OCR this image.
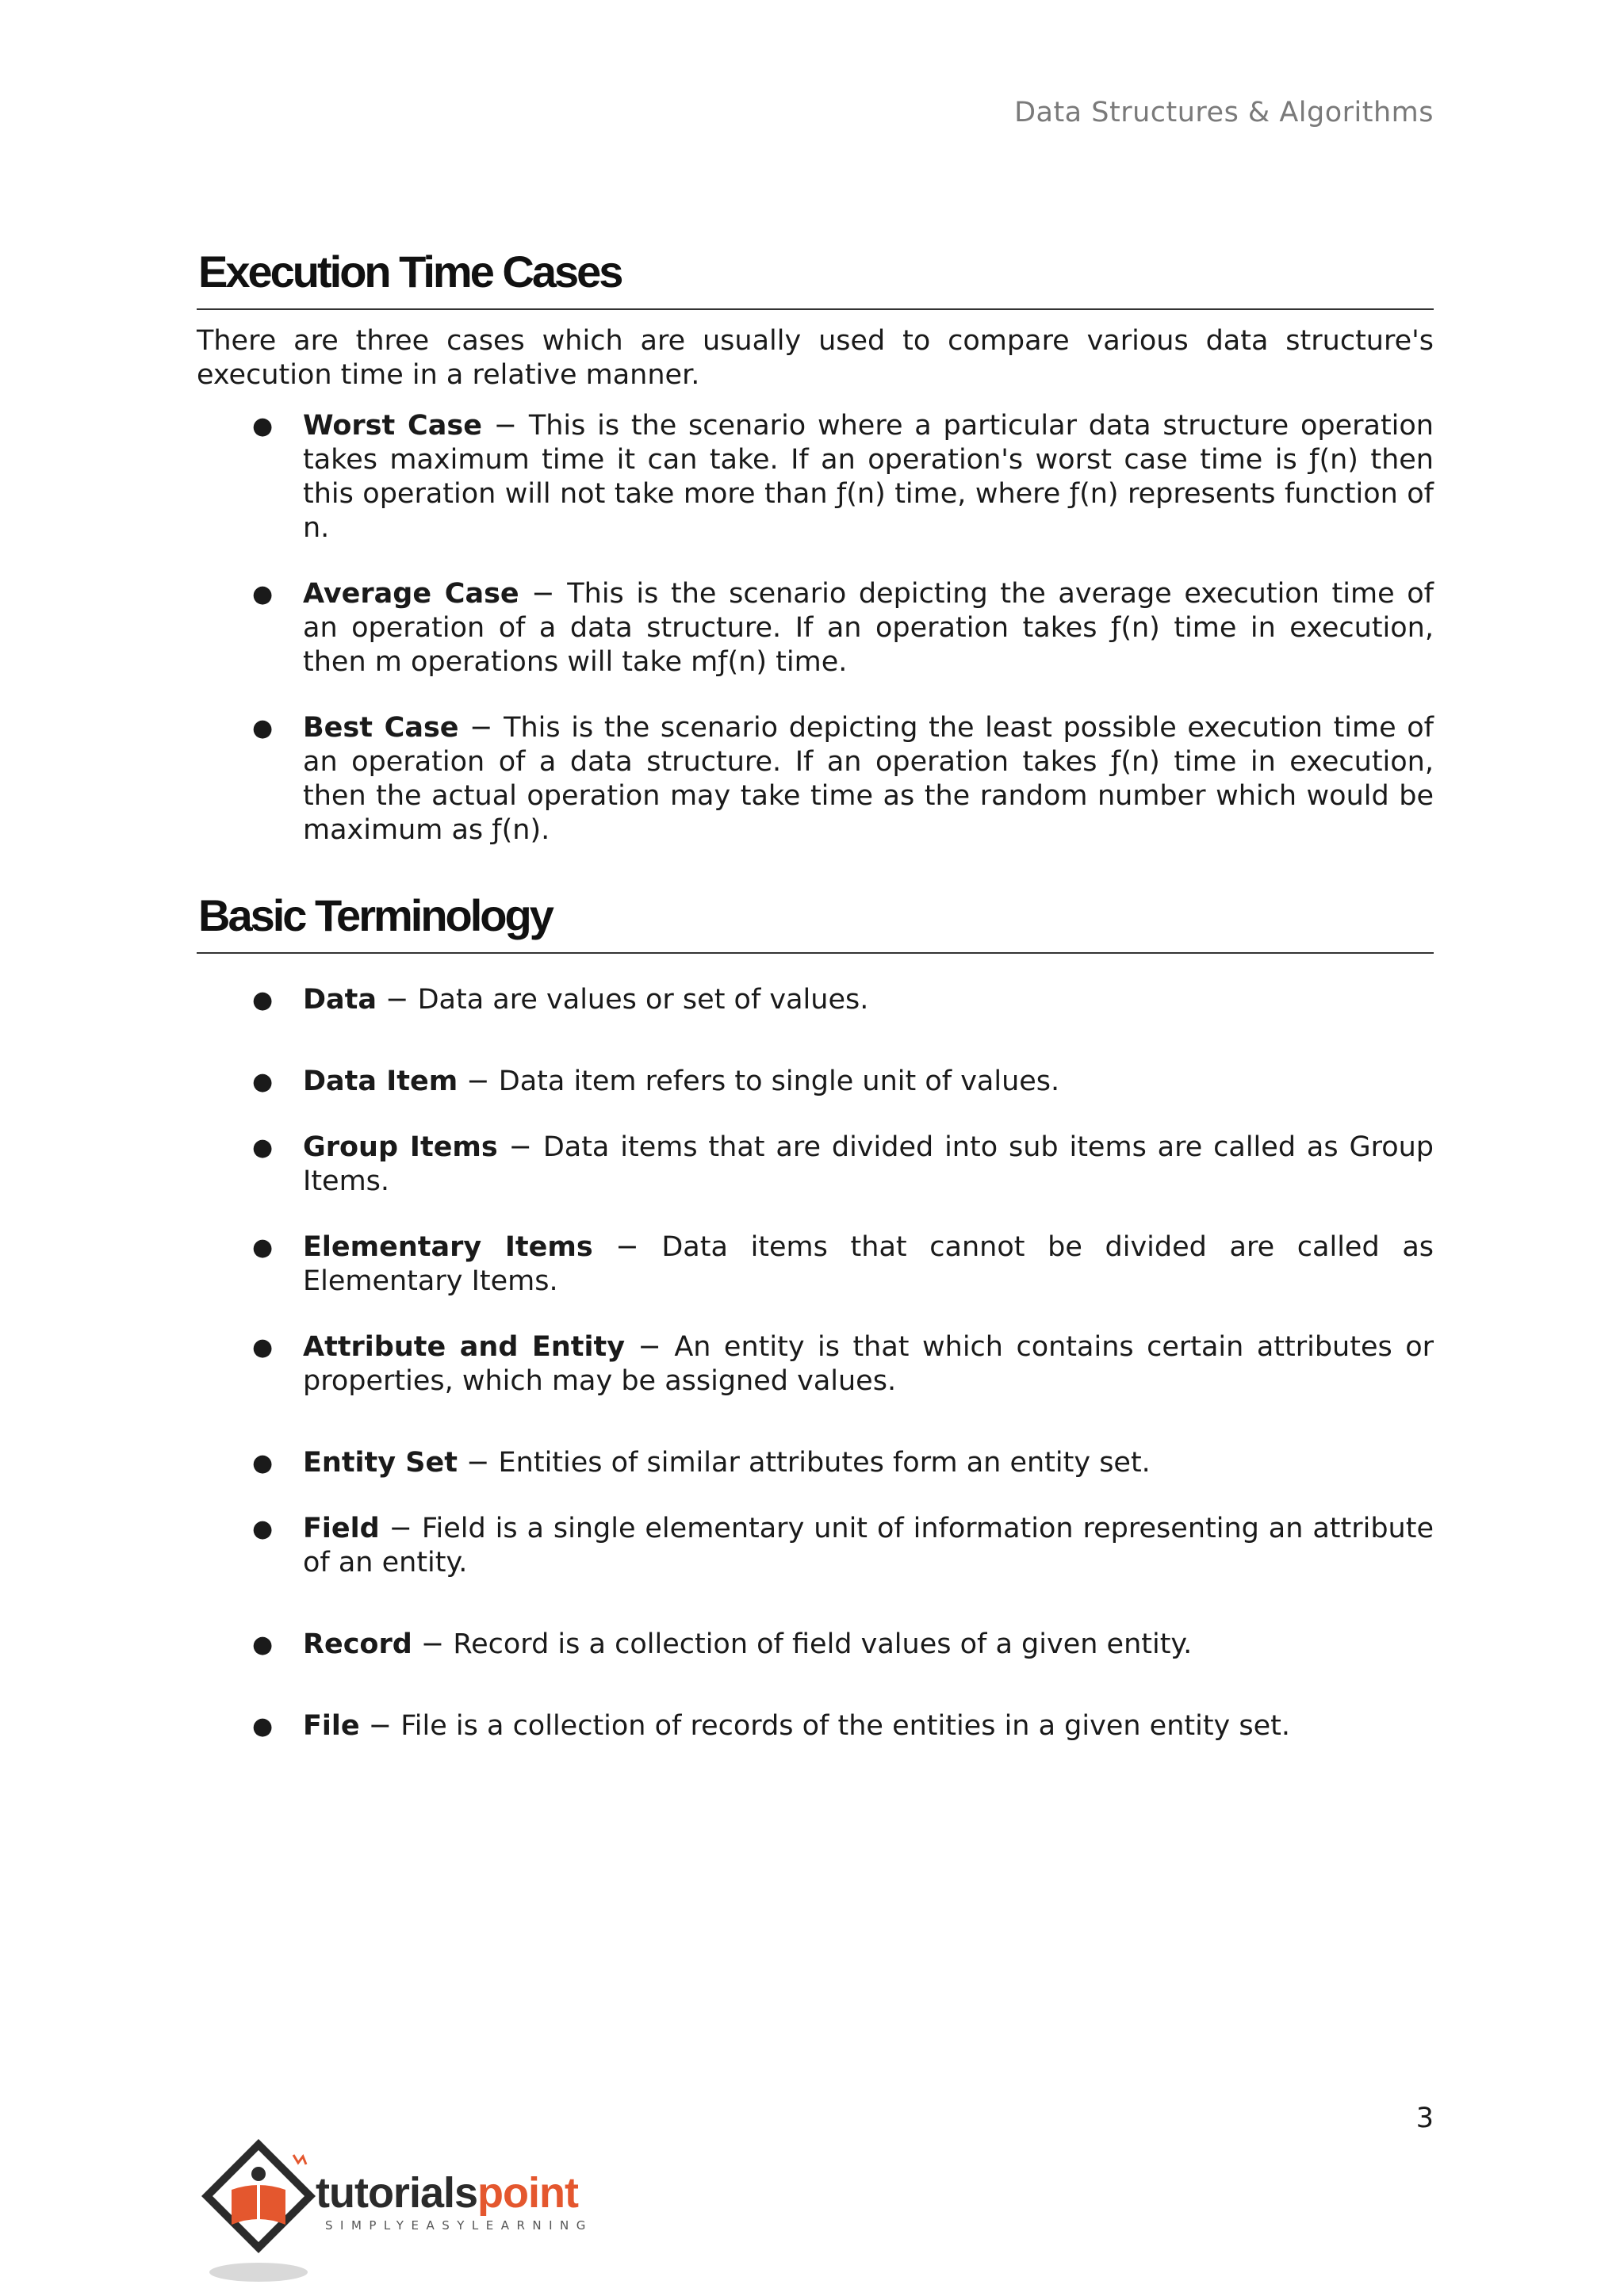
Data Structures & Algorithms
Execution Time Cases

There are three cases which are usually used to compare various data structure's execution time in a relative manner.

● Worst Case − This is the scenario where a particular data structure operation takes maximum time it can take. If an operation's worst case time is ƒ(n) then this operation will not take more than ƒ(n) time, where ƒ(n) represents function of n.
● Average Case − This is the scenario depicting the average execution time of an operation of a data structure. If an operation takes ƒ(n) time in execution, then m operations will take mƒ(n) time.
● Best Case − This is the scenario depicting the least possible execution time of an operation of a data structure. If an operation takes ƒ(n) time in execution, then the actual operation may take time as the random number which would be maximum as ƒ(n).
Basic Terminology
● Data − Data are values or set of values.
● Data Item − Data item refers to single unit of values.
● Group Items − Data items that are divided into sub items are called as Group Items.
● Elementary Items − Data items that cannot be divided are called as Elementary Items.
● Attribute and Entity − An entity is that which contains certain attributes or properties, which may be assigned values.
● Entity Set − Entities of similar attributes form an entity set.
● Field − Field is a single elementary unit of information representing an attribute of an entity.
● Record − Record is a collection of field values of a given entity.
● File − File is a collection of records of the entities in a given entity set.
3
tutorialspoint
SIMPLYEASYLEARNING
